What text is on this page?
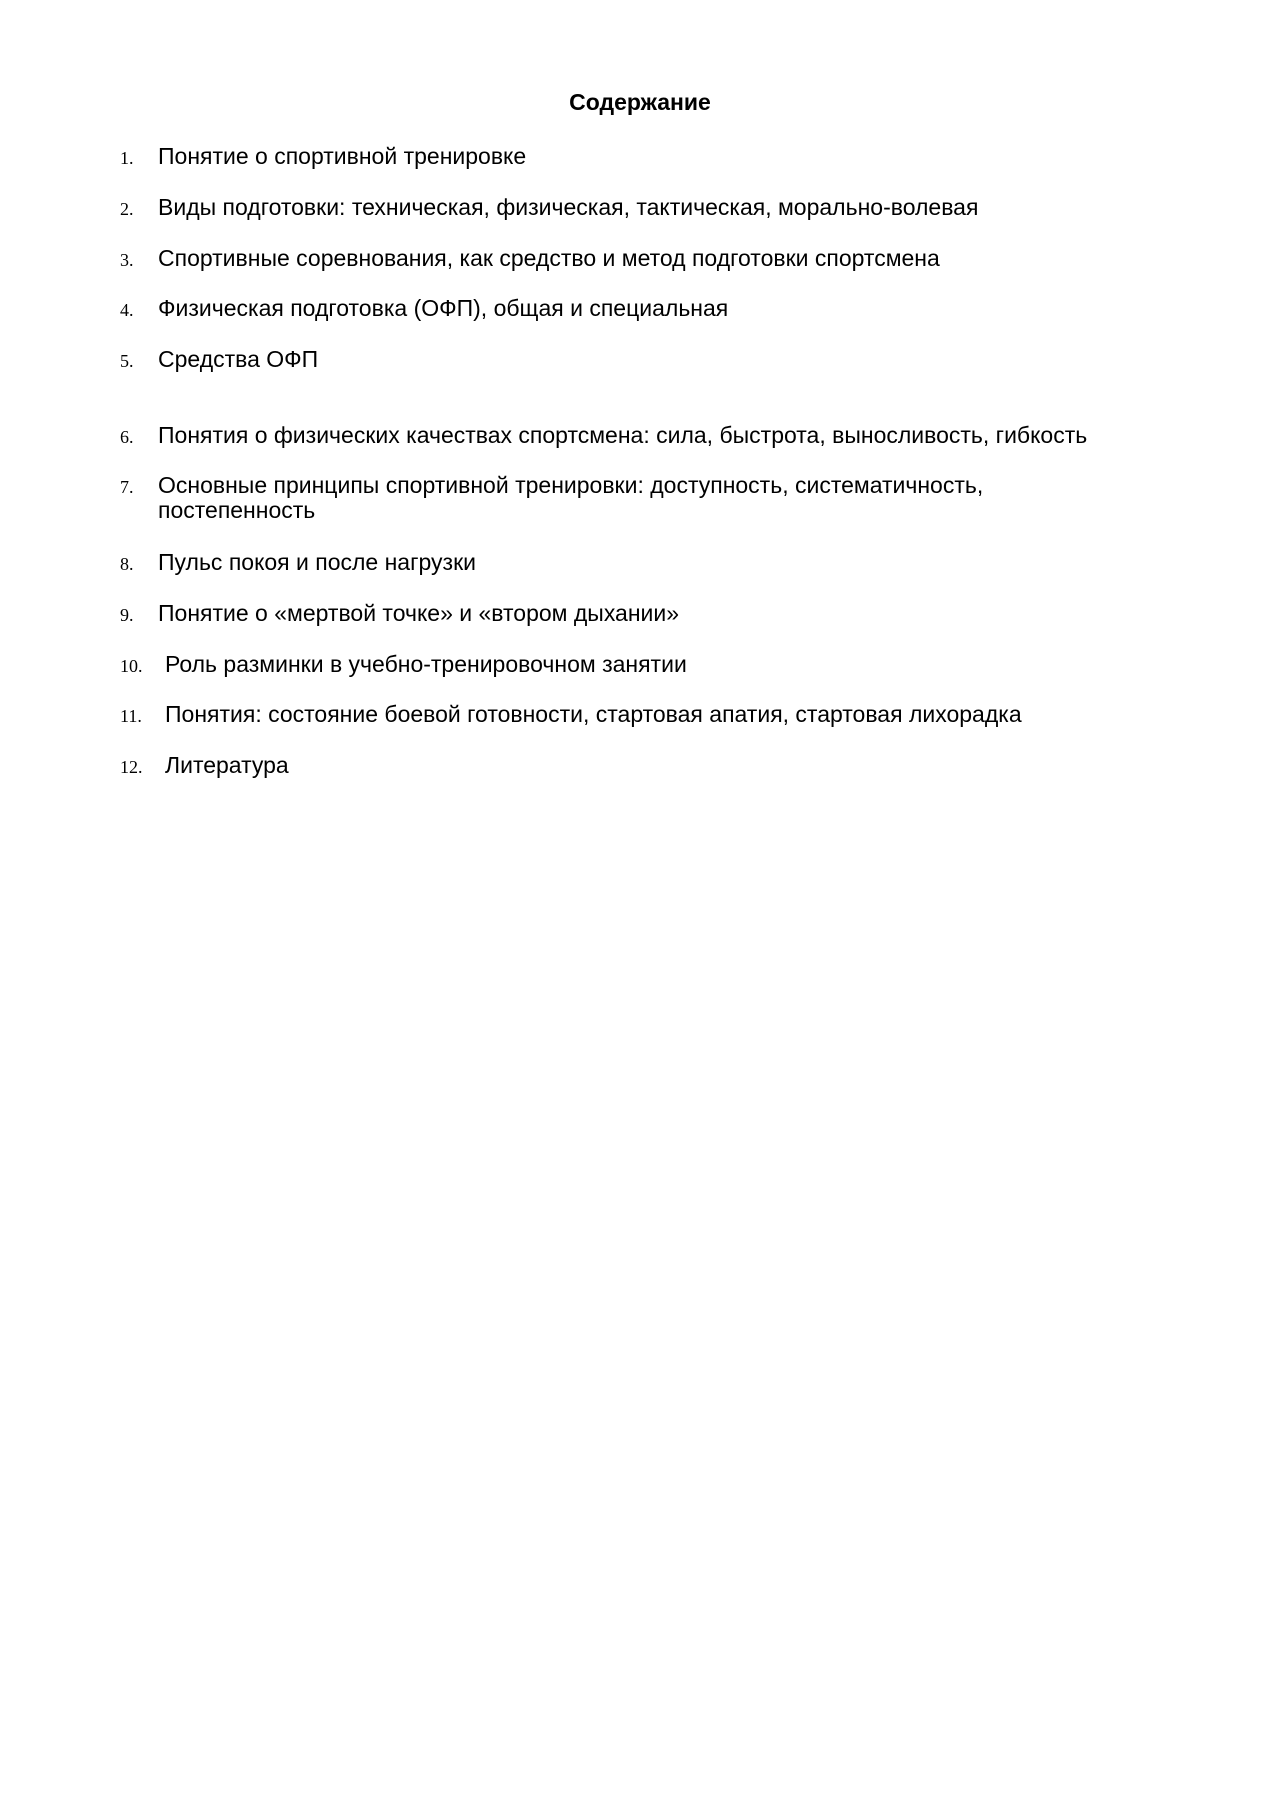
Содержание
1. Понятие о спортивной тренировке
2. Виды подготовки: техническая, физическая, тактическая, морально-волевая
3. Спортивные соревнования, как средство и метод подготовки спортсмена
4. Физическая подготовка (ОФП), общая и специальная
5. Средства ОФП
6. Понятия о физических качествах спортсмена: сила, быстрота, выносливость, гибкость
7. Основные принципы спортивной тренировки: доступность, систематичность, постепенность
8. Пульс покоя и после нагрузки
9. Понятие о «мертвой точке» и «втором дыхании»
10. Роль разминки в учебно-тренировочном занятии
11. Понятия: состояние боевой готовности, стартовая апатия, стартовая лихорадка
12. Литература
